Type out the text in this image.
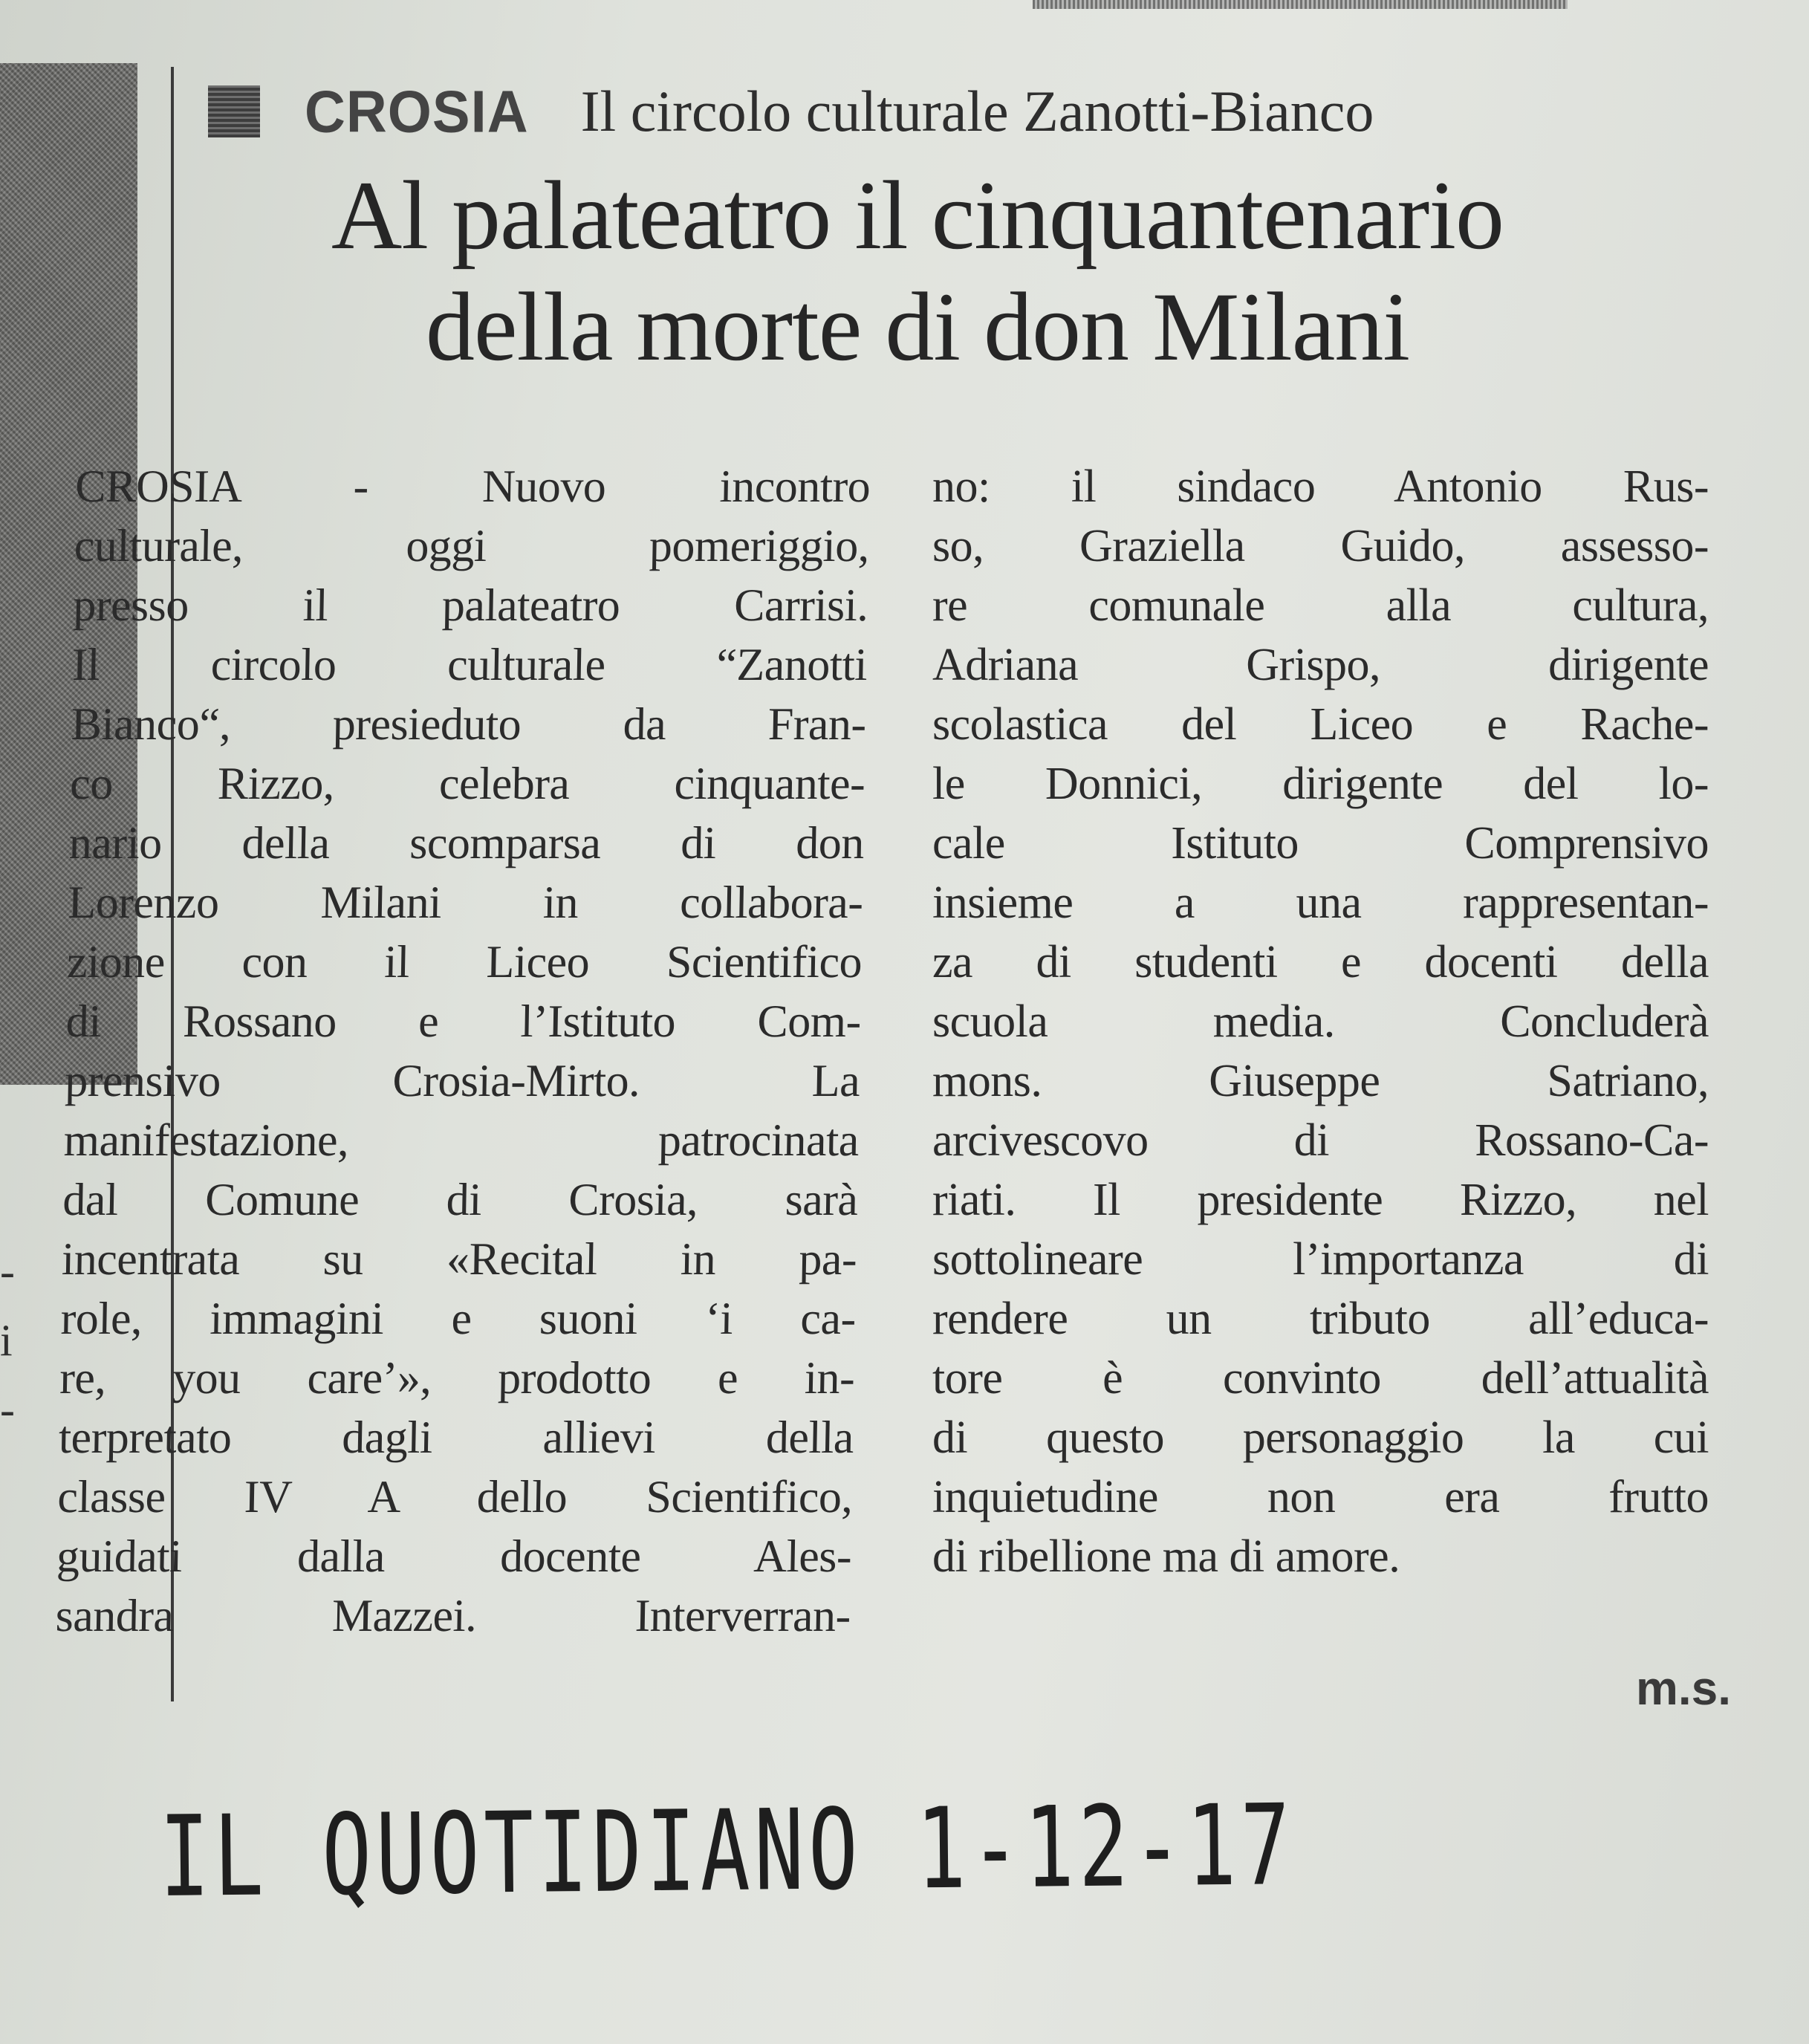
-
i
-
CROSIA Il circolo culturale Zanotti-Bianco
Al palateatro il cinquantenario
della morte di don Milani
CROSIA - Nuovo incontro
culturale, oggi pomeriggio,
presso il palateatro Carrisi.
Il circolo culturale “Zanotti
Bianco“, presieduto da Fran-
co Rizzo, celebra cinquante-
nario della scomparsa di don
Lorenzo Milani in collabora-
zione con il Liceo Scientifico
di Rossano e l’Istituto Com-
prensivo Crosia-Mirto. La
manifestazione, patrocinata
dal Comune di Crosia, sarà
incentrata su «Recital in pa-
role, immagini e suoni ‘i ca-
re, you care’», prodotto e in-
terpretato dagli allievi della
classe IV A dello Scientifico,
guidati dalla docente Ales-
sandra Mazzei. Interverran-
no: il sindaco Antonio Rus-
so, Graziella Guido, assesso-
re comunale alla cultura,
Adriana Grispo, dirigente
scolastica del Liceo e Rache-
le Donnici, dirigente del lo-
cale Istituto Comprensivo
insieme a una rappresentan-
za di studenti e docenti della
scuola media. Concluderà
mons. Giuseppe Satriano,
arcivescovo di Rossano-Ca-
riati. Il presidente Rizzo, nel
sottolineare l’importanza di
rendere un tributo all’educa-
tore è convinto dell’attualità
di questo personaggio la cui
inquietudine non era frutto
di ribellione ma di amore.
m.s.
IL QUOTIDIANO 1-12-17
